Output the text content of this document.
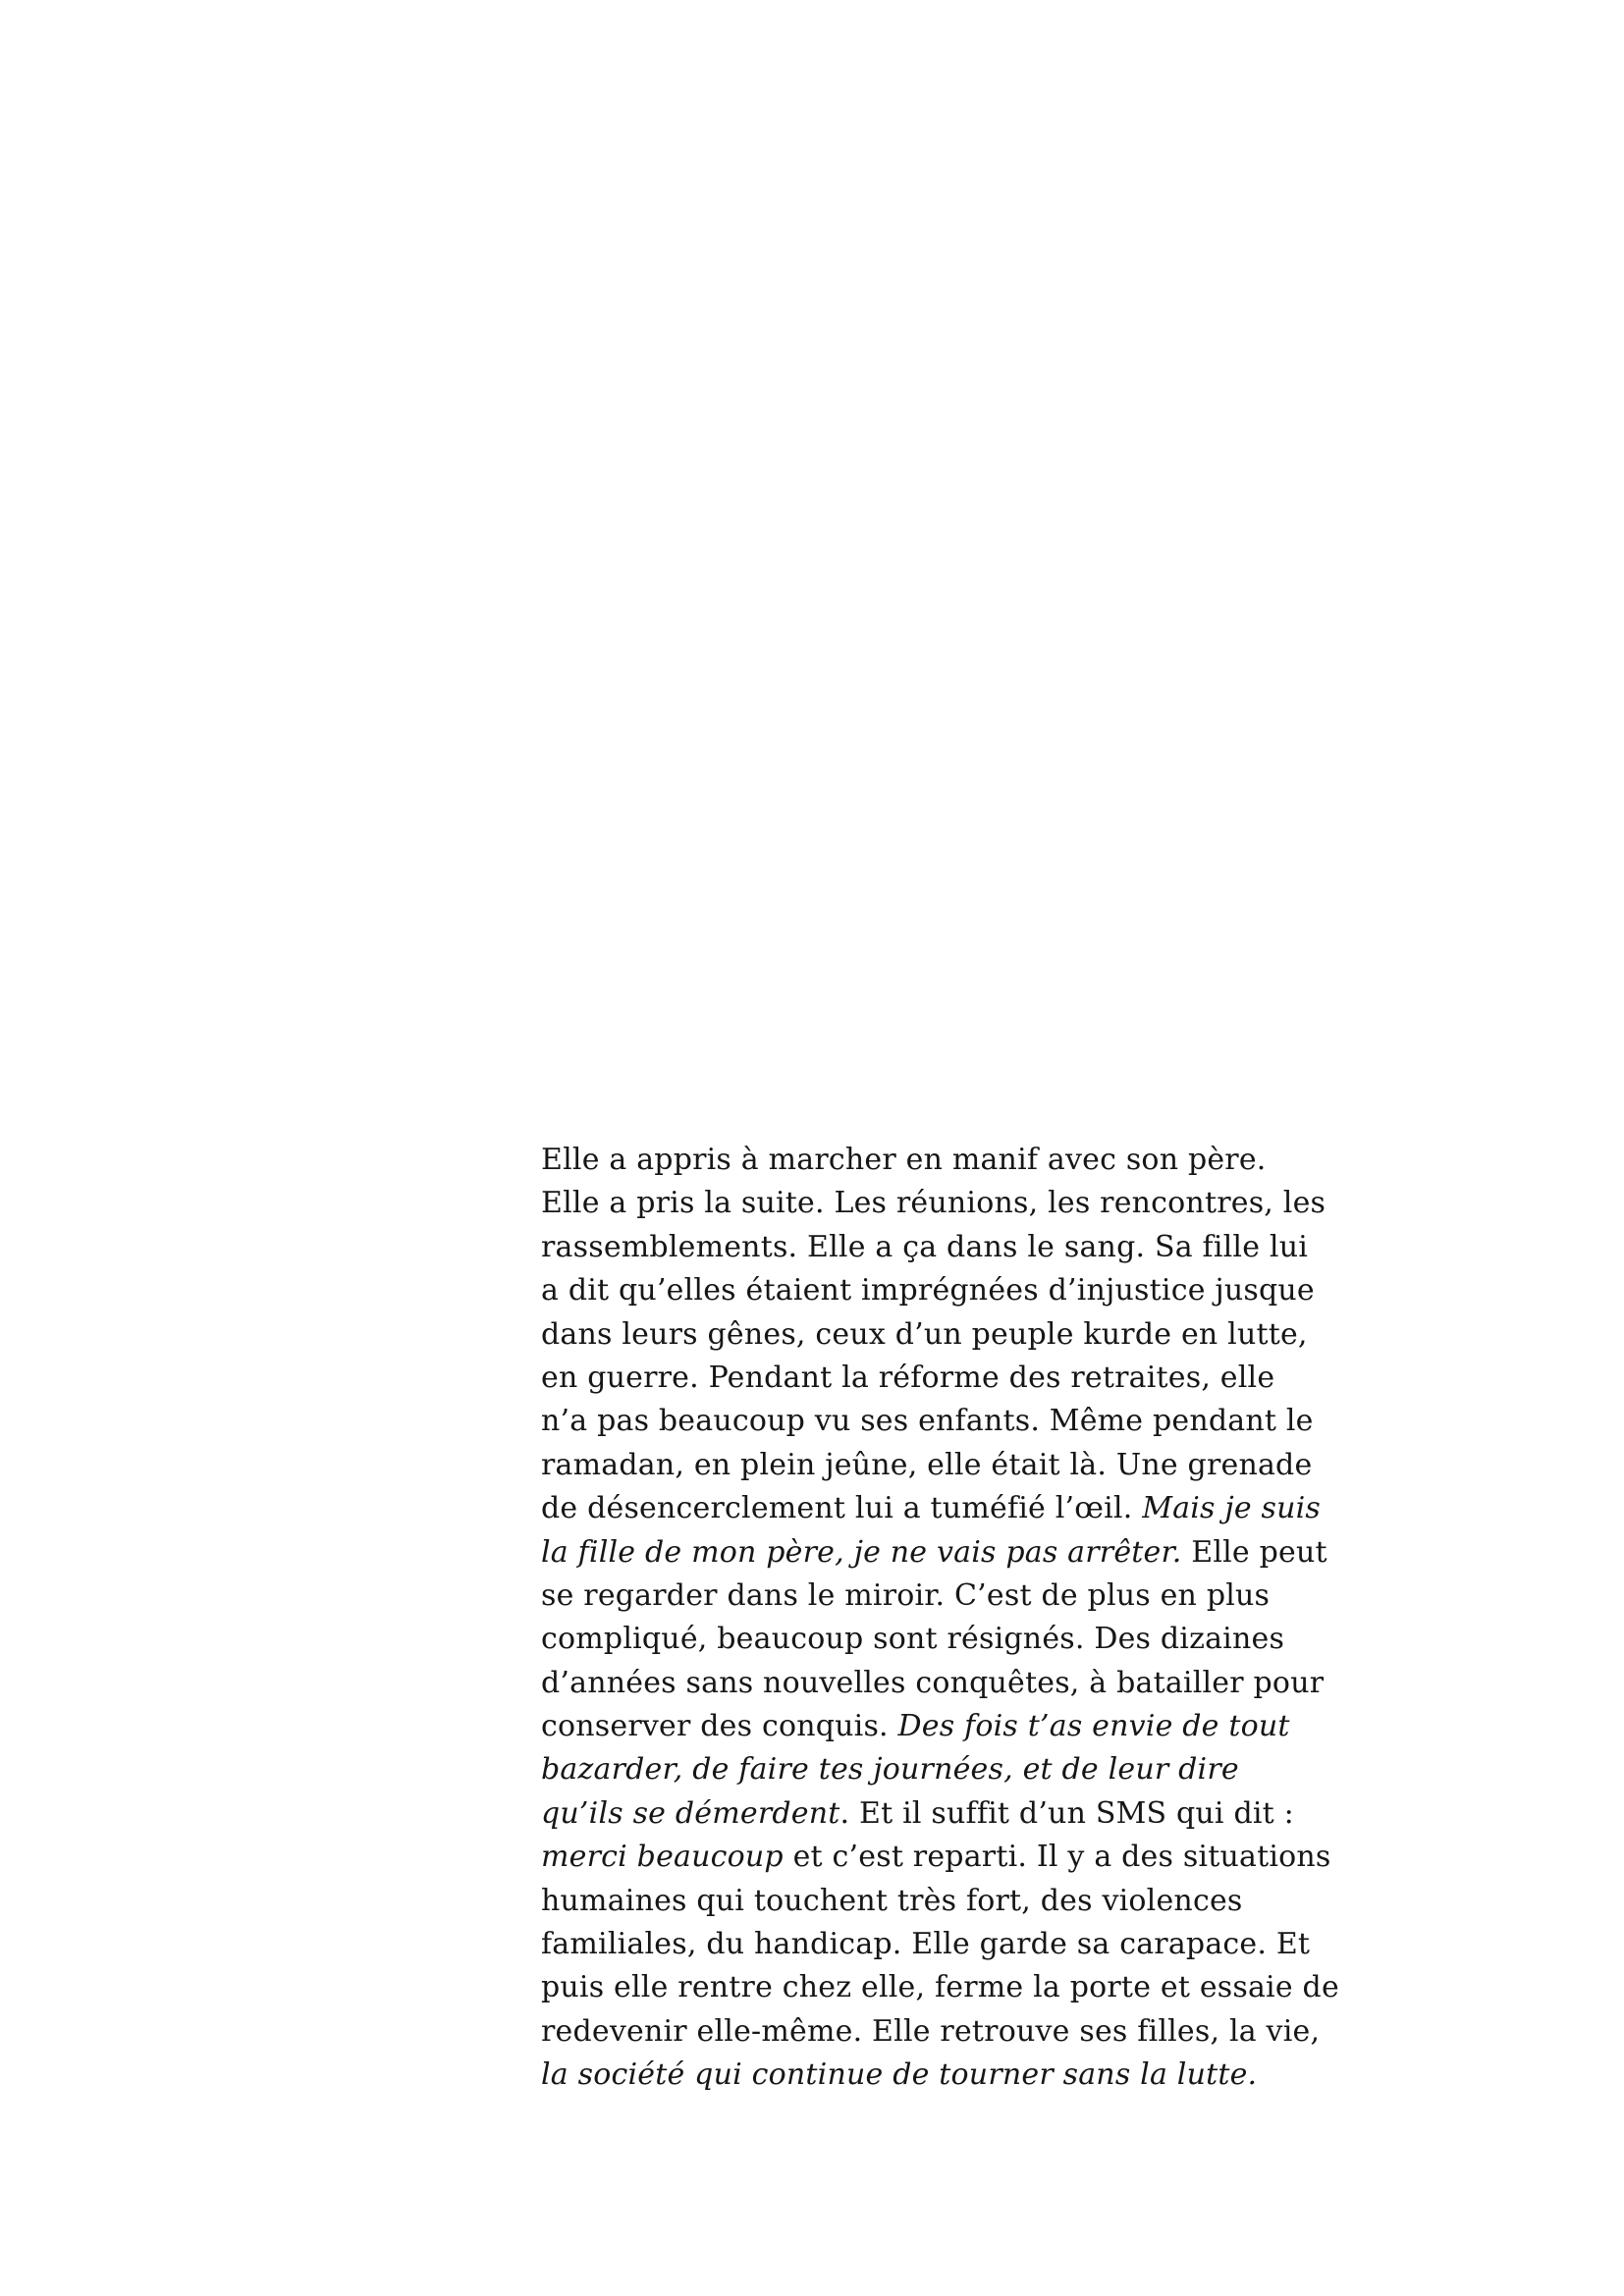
Elle a appris à marcher en manif avec son père.
Elle a pris la suite. Les réunions, les rencontres, les
rassemblements. Elle a ça dans le sang. Sa fille lui
a dit qu’elles étaient imprégnées d’injustice jusque
dans leurs gênes, ceux d’un peuple kurde en lutte,
en guerre. Pendant la réforme des retraites, elle
n’a pas beaucoup vu ses enfants. Même pendant le
ramadan, en plein jeûne, elle était là. Une grenade
de désencerclement lui a tuméfié l’œil. Mais je suis
la fille de mon père, je ne vais pas arrêter. Elle peut
se regarder dans le miroir. C’est de plus en plus
compliqué, beaucoup sont résignés. Des dizaines
d’années sans nouvelles conquêtes, à batailler pour
conserver des conquis. Des fois t’as envie de tout
bazarder, de faire tes journées, et de leur dire
qu’ils se démerdent. Et il suffit d’un SMS qui dit :
merci beaucoup et c’est reparti. Il y a des situations
humaines qui touchent très fort, des violences
familiales, du handicap. Elle garde sa carapace. Et
puis elle rentre chez elle, ferme la porte et essaie de
redevenir elle-même. Elle retrouve ses filles, la vie,
la société qui continue de tourner sans la lutte.
